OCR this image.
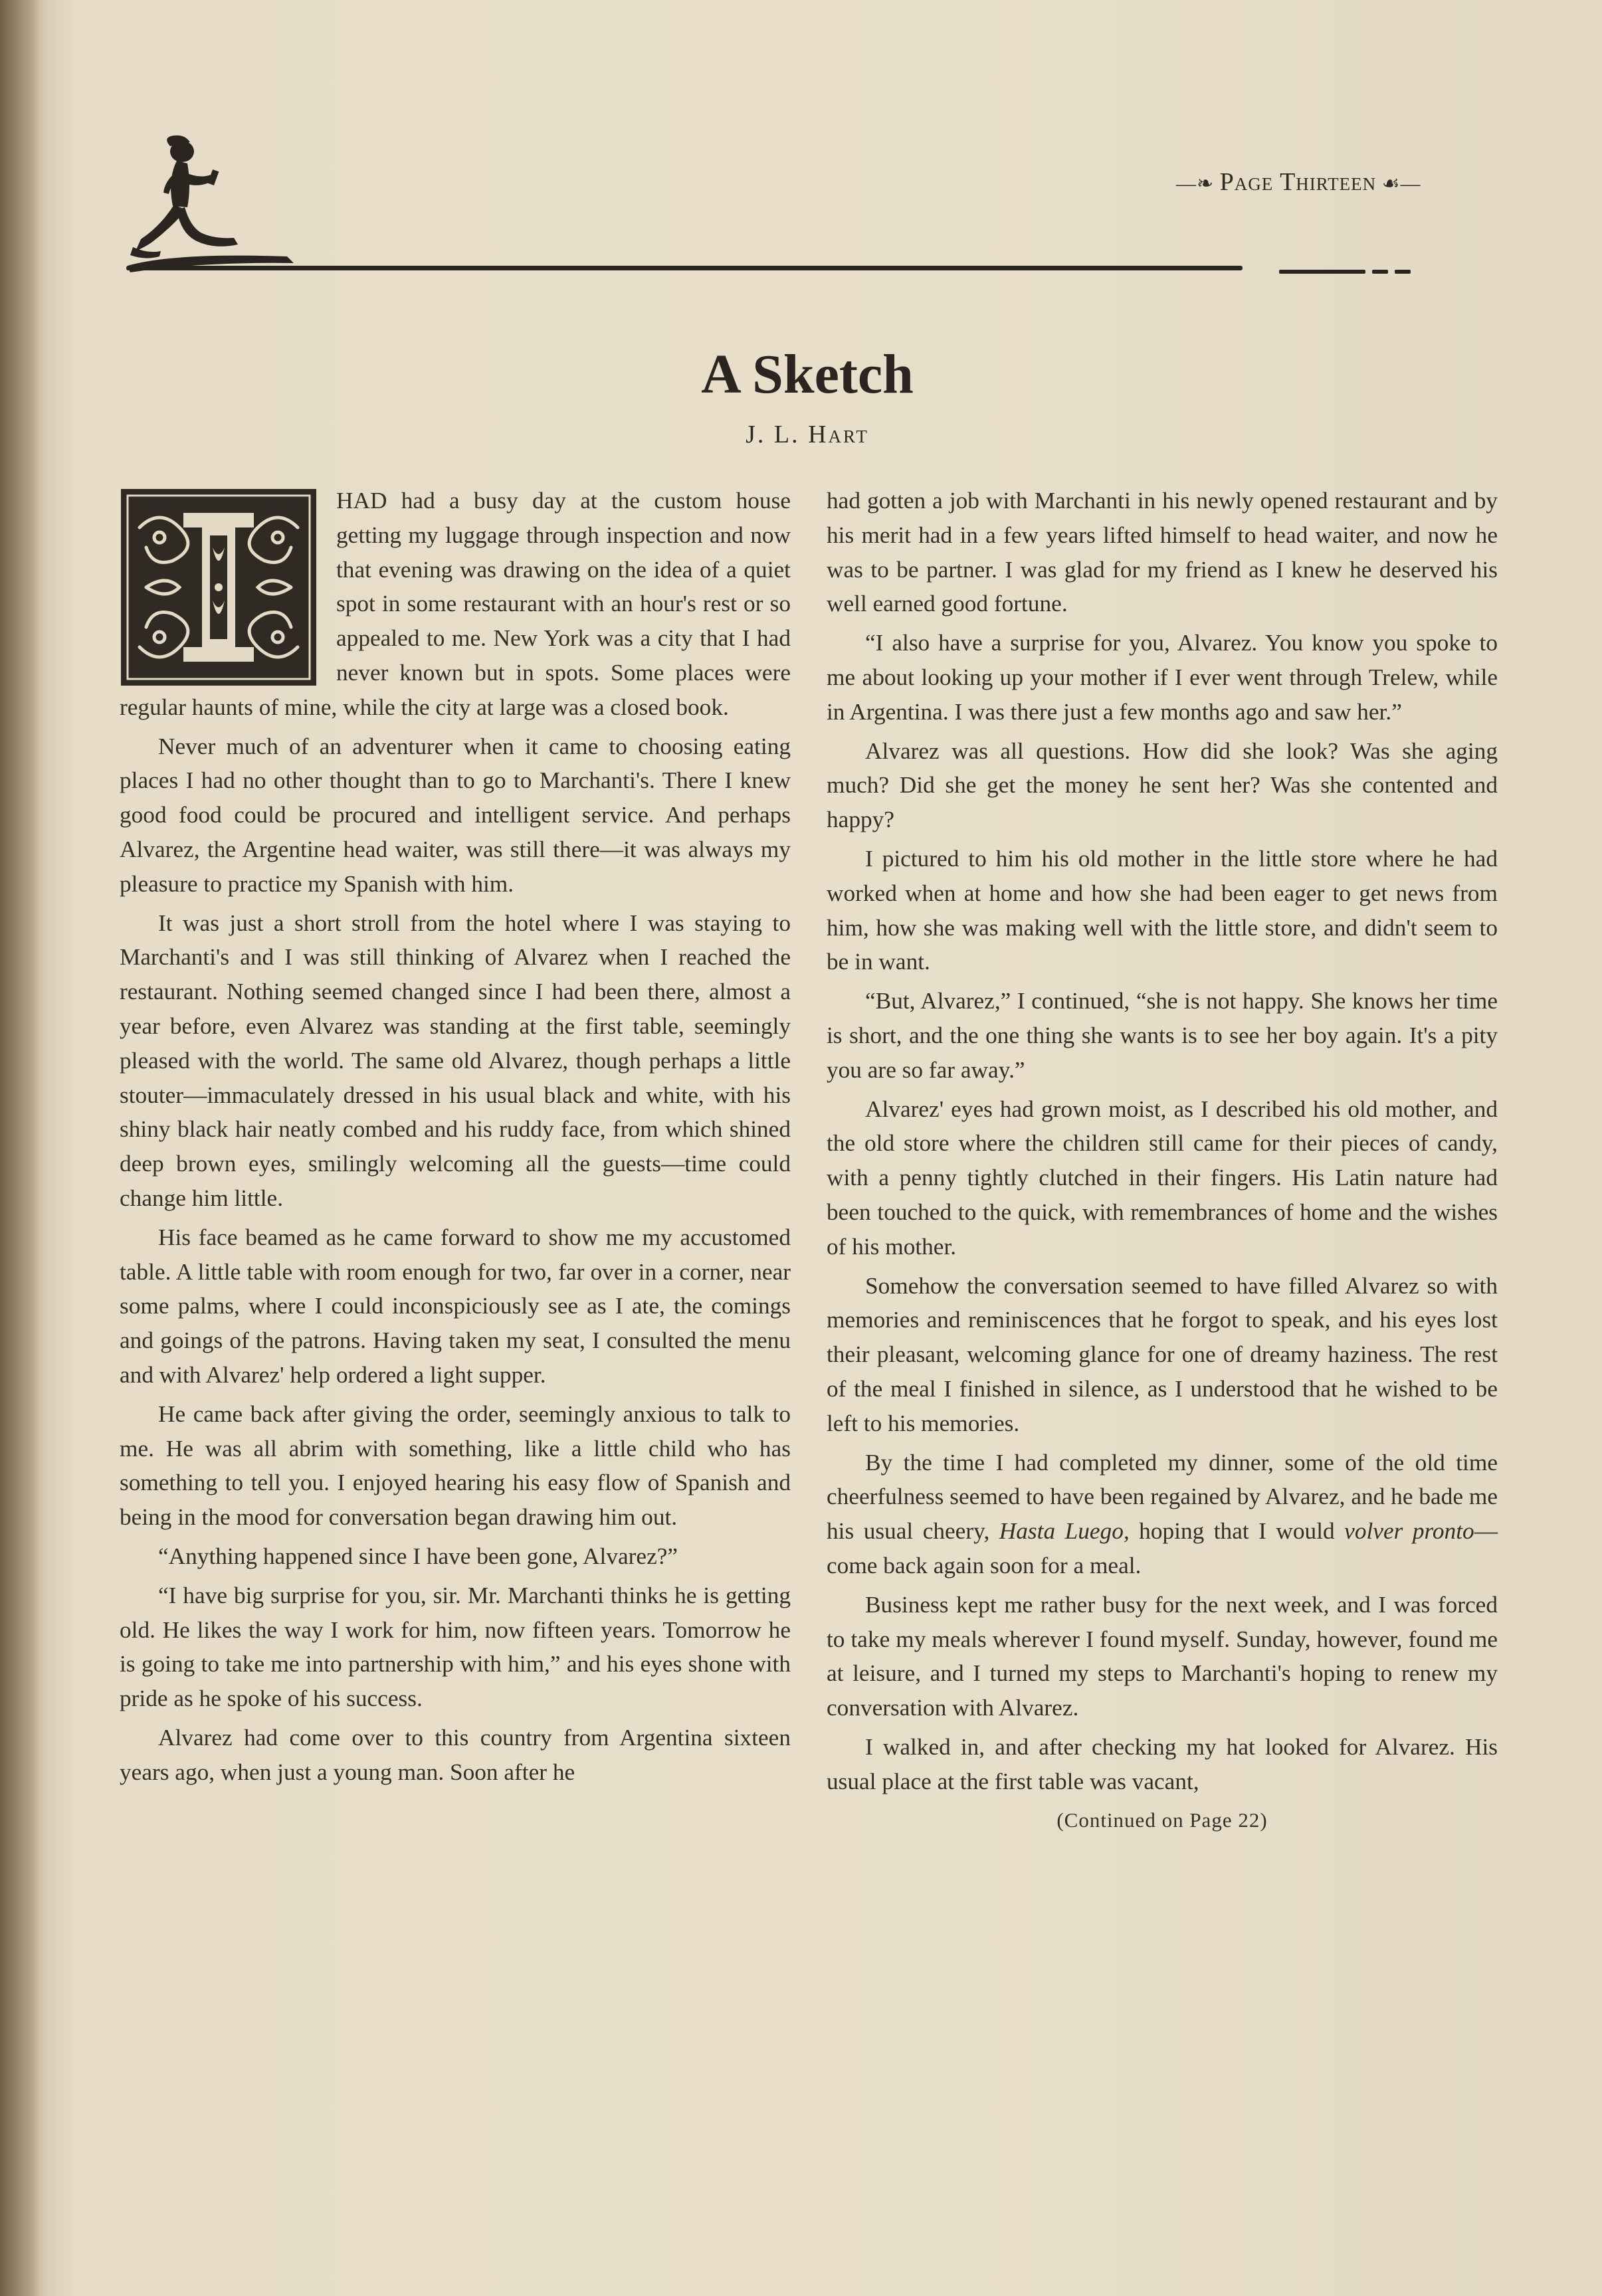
—❧ Page Thirteen ☙—
A Sketch
J. L. Hart

HAD had a busy day at the custom house getting my luggage through inspection and now that evening was drawing on the idea of a quiet spot in some restaurant with an hour's rest or so appealed to me. New York was a city that I had never known but in spots. Some places were regular haunts of mine, while the city at large was a closed book.

Never much of an adventurer when it came to choosing eating places I had no other thought than to go to Marchanti's. There I knew good food could be procured and intelligent service. And perhaps Alvarez, the Argentine head waiter, was still there—it was always my pleasure to practice my Spanish with him.

It was just a short stroll from the hotel where I was staying to Marchanti's and I was still thinking of Alvarez when I reached the restaurant. Nothing seemed changed since I had been there, almost a year before, even Alvarez was standing at the first table, seemingly pleased with the world. The same old Alvarez, though perhaps a little stouter—immaculately dressed in his usual black and white, with his shiny black hair neatly combed and his ruddy face, from which shined deep brown eyes, smilingly welcoming all the guests—time could change him little.

His face beamed as he came forward to show me my accustomed table. A little table with room enough for two, far over in a corner, near some palms, where I could inconspiciously see as I ate, the comings and goings of the patrons. Having taken my seat, I consulted the menu and with Alvarez' help ordered a light supper.

He came back after giving the order, seemingly anxious to talk to me. He was all abrim with something, like a little child who has something to tell you. I enjoyed hearing his easy flow of Spanish and being in the mood for conversation began drawing him out.

“Anything happened since I have been gone, Alvarez?”

“I have big surprise for you, sir. Mr. Marchanti thinks he is getting old. He likes the way I work for him, now fifteen years. Tomorrow he is going to take me into partnership with him,” and his eyes shone with pride as he spoke of his success.

Alvarez had come over to this country from Argentina sixteen years ago, when just a young man. Soon after he

had gotten a job with Marchanti in his newly opened restaurant and by his merit had in a few years lifted himself to head waiter, and now he was to be partner. I was glad for my friend as I knew he deserved his well earned good fortune.

“I also have a surprise for you, Alvarez. You know you spoke to me about looking up your mother if I ever went through Trelew, while in Argentina. I was there just a few months ago and saw her.”

Alvarez was all questions. How did she look? Was she aging much? Did she get the money he sent her? Was she contented and happy?

I pictured to him his old mother in the little store where he had worked when at home and how she had been eager to get news from him, how she was making well with the little store, and didn't seem to be in want.

“But, Alvarez,” I continued, “she is not happy. She knows her time is short, and the one thing she wants is to see her boy again. It's a pity you are so far away.”

Alvarez' eyes had grown moist, as I described his old mother, and the old store where the children still came for their pieces of candy, with a penny tightly clutched in their fingers. His Latin nature had been touched to the quick, with remembrances of home and the wishes of his mother.

Somehow the conversation seemed to have filled Alvarez so with memories and reminiscences that he forgot to speak, and his eyes lost their pleasant, welcoming glance for one of dreamy haziness. The rest of the meal I finished in silence, as I understood that he wished to be left to his memories.

By the time I had completed my dinner, some of the old time cheerfulness seemed to have been regained by Alvarez, and he bade me his usual cheery, Hasta Luego, hoping that I would volver pronto—come back again soon for a meal.

Business kept me rather busy for the next week, and I was forced to take my meals wherever I found myself. Sunday, however, found me at leisure, and I turned my steps to Marchanti's hoping to renew my conversation with Alvarez.

I walked in, and after checking my hat looked for Alvarez. His usual place at the first table was vacant,

(Continued on Page 22)
